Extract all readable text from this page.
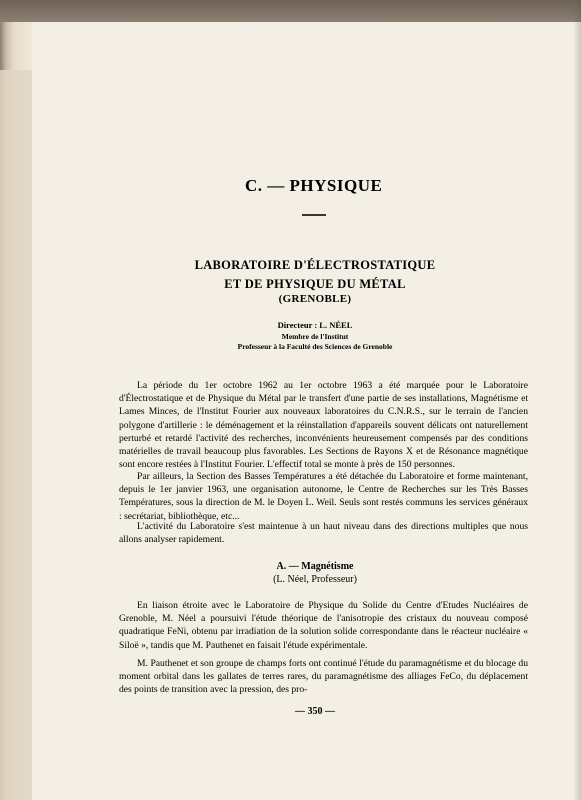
C. — PHYSIQUE
LABORATOIRE D'ÉLECTROSTATIQUE
ET DE PHYSIQUE DU MÉTAL
(GRENOBLE)
Directeur : L. NÉEL
Membre de l'Institut
Professeur à la Faculté des Sciences de Grenoble

La période du 1er octobre 1962 au 1er octobre 1963 a été marquée pour le Laboratoire d'Électrostatique et de Physique du Métal par le transfert d'une partie de ses installations, Magnétisme et Lames Minces, de l'Institut Fourier aux nouveaux laboratoires du C.N.R.S., sur le terrain de l'ancien polygone d'artillerie : le déménagement et la réinstallation d'appareils souvent délicats ont naturellement perturbé et retardé l'activité des recherches, inconvénients heureusement compensés par des conditions matérielles de travail beaucoup plus favorables. Les Sections de Rayons X et de Résonance magnétique sont encore restées à l'Institut Fourier. L'effectif total se monte à près de 150 personnes.

Par ailleurs, la Section des Basses Températures a été détachée du Laboratoire et forme maintenant, depuis le 1er janvier 1963, une organisation autonome, le Centre de Recherches sur les Très Basses Températures, sous la direction de M. le Doyen L. Weil. Seuls sont restés communs les services généraux : secrétariat, bibliothèque, etc...

L'activité du Laboratoire s'est maintenue à un haut niveau dans des directions multiples que nous allons analyser rapidement.

A. — Magnétisme
(L. Néel, Professeur)

En liaison étroite avec le Laboratoire de Physique du Solide du Centre d'Etudes Nucléaires de Grenoble, M. Néel a poursuivi l'étude théorique de l'anisotropie des cristaux du nouveau composé quadratique FeNi, obtenu par irradiation de la solution solide correspondante dans le réacteur nucléaire « Siloë », tandis que M. Pauthenet en faisait l'étude expérimentale.

M. Pauthenet et son groupe de champs forts ont continué l'étude du paramagnétisme et du blocage du moment orbital dans les gallates de terres rares, du paramagnétisme des alliages FeCo, du déplacement des points de transition avec la pression, des pro-

— 350 —
